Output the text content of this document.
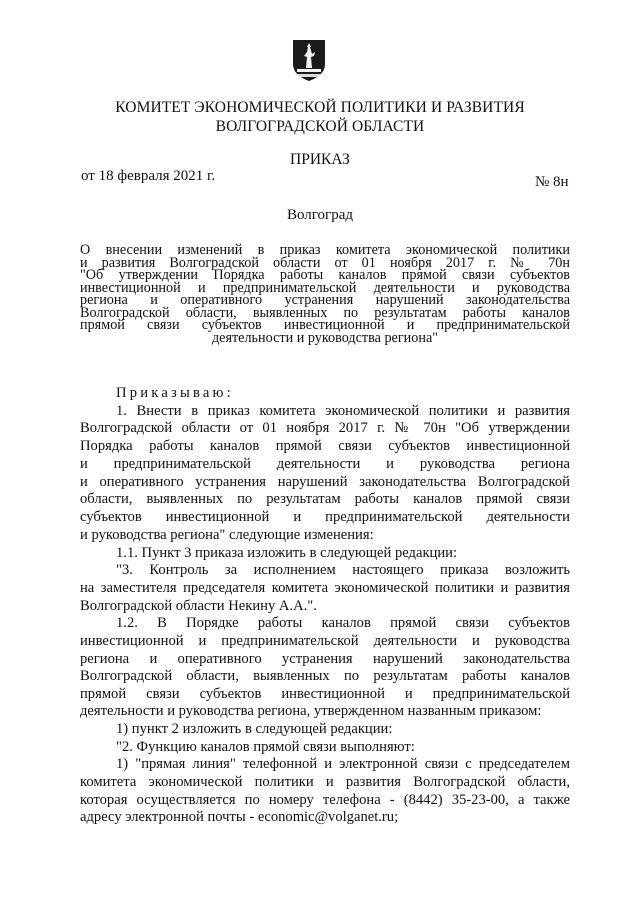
КОМИТЕТ ЭКОНОМИЧЕСКОЙ ПОЛИТИКИ И РАЗВИТИЯ
ВОЛГОГРАДСКОЙ ОБЛАСТИ
ПРИКАЗ
от 18 февраля 2021 г.	№ 8н
Волгоград
О внесении изменений в приказ комитета экономической политики
и развития Волгоградской области от 01 ноября 2017 г. № 70н
"Об утверждении Порядка работы каналов прямой связи субъектов
инвестиционной и предпринимательской деятельности и руководства
региона и оперативного устранения нарушений законодательства
Волгоградской области, выявленных по результатам работы каналов
прямой связи субъектов инвестиционной и предпринимательской
деятельности и руководства региона"
Приказываю:
1. Внести в приказ комитета экономической политики и развития
Волгоградской области от 01 ноября 2017 г. № 70н "Об утверждении
Порядка работы каналов прямой связи субъектов инвестиционной
и предпринимательской деятельности и руководства региона
и оперативного устранения нарушений законодательства Волгоградской
области, выявленных по результатам работы каналов прямой связи
субъектов инвестиционной и предпринимательской деятельности
и руководства региона" следующие изменения:
1.1. Пункт 3 приказа изложить в следующей редакции:
"3. Контроль за исполнением настоящего приказа возложить
на заместителя председателя комитета экономической политики и развития
Волгоградской области Некину А.А.".
1.2. В Порядке работы каналов прямой связи субъектов
инвестиционной и предпринимательской деятельности и руководства
региона и оперативного устранения нарушений законодательства
Волгоградской области, выявленных по результатам работы каналов
прямой связи субъектов инвестиционной и предпринимательской
деятельности и руководства региона, утвержденном названным приказом:
1) пункт 2 изложить в следующей редакции:
"2. Функцию каналов прямой связи выполняют:
1) "прямая линия" телефонной и электронной связи с председателем
комитета экономической политики и развития Волгоградской области,
которая осуществляется по номеру телефона - (8442) 35-23-00, а также
адресу электронной почты - economic@volganet.ru;
